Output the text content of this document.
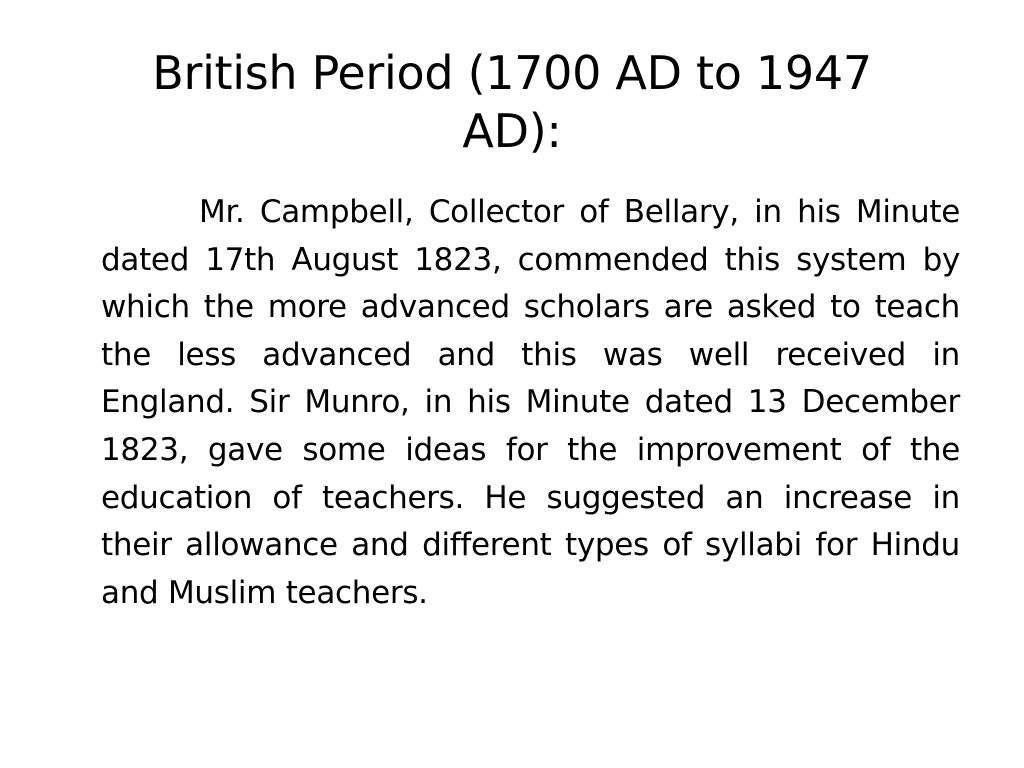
British Period (1700 AD to 1947 AD):

Mr. Campbell, Collector of Bellary, in his Minute dated 17th August 1823, commended this system by which the more advanced scholars are asked to teach the less advanced and this was well received in England. Sir Munro, in his Minute dated 13 December 1823, gave some ideas for the improvement of the education of teachers. He suggested an increase in their allowance and different types of syllabi for Hindu and Muslim teachers.
